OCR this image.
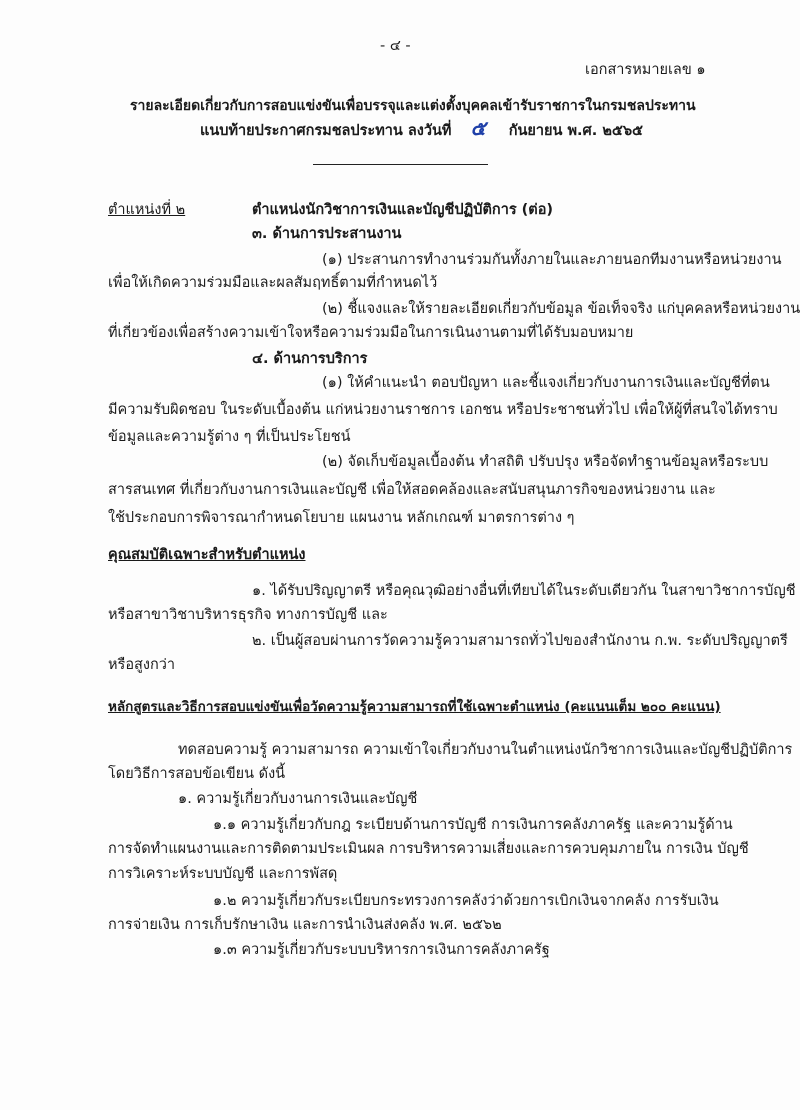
- ๔ -
เอกสารหมายเลข ๑
รายละเอียดเกี่ยวกับการสอบแข่งขันเพื่อบรรจุและแต่งตั้งบุคคลเข้ารับราชการในกรมชลประทาน
แนบท้ายประกาศกรมชลประทาน ลงวันที่ ๕ กันยายน พ.ศ. ๒๕๖๕
ตำแหน่งที่ ๒	ตำแหน่งนักวิชาการเงินและบัญชีปฏิบัติการ (ต่อ)
๓. ด้านการประสานงาน
(๑) ประสานการทำงานร่วมกันทั้งภายในและภายนอกทีมงานหรือหน่วยงาน
เพื่อให้เกิดความร่วมมือและผลสัมฤทธิ์ตามที่กำหนดไว้
(๒) ชี้แจงและให้รายละเอียดเกี่ยวกับข้อมูล ข้อเท็จจริง แก่บุคคลหรือหน่วยงาน
ที่เกี่ยวข้องเพื่อสร้างความเข้าใจหรือความร่วมมือในการเนินงานตามที่ได้รับมอบหมาย
๔. ด้านการบริการ
(๑) ให้คำแนะนำ ตอบปัญหา และชี้แจงเกี่ยวกับงานการเงินและบัญชีที่ตน
มีความรับผิดชอบ ในระดับเบื้องต้น แก่หน่วยงานราชการ เอกชน หรือประชาชนทั่วไป เพื่อให้ผู้ที่สนใจได้ทราบ
ข้อมูลและความรู้ต่าง ๆ ที่เป็นประโยชน์
(๒) จัดเก็บข้อมูลเบื้องต้น ทำสถิติ ปรับปรุง หรือจัดทำฐานข้อมูลหรือระบบ
สารสนเทศ ที่เกี่ยวกับงานการเงินและบัญชี เพื่อให้สอดคล้องและสนับสนุนภารกิจของหน่วยงาน และ
ใช้ประกอบการพิจารณากำหนดโยบาย แผนงาน หลักเกณฑ์ มาตรการต่าง ๆ
คุณสมบัติเฉพาะสำหรับตำแหน่ง
๑. ได้รับปริญญาตรี หรือคุณวุฒิอย่างอื่นที่เทียบได้ในระดับเดียวกัน ในสาขาวิชาการบัญชี
หรือสาขาวิชาบริหารธุรกิจ ทางการบัญชี และ
๒. เป็นผู้สอบผ่านการวัดความรู้ความสามารถทั่วไปของสำนักงาน ก.พ. ระดับปริญญาตรี
หรือสูงกว่า
หลักสูตรและวิธีการสอบแข่งขันเพื่อวัดความรู้ความสามารถที่ใช้เฉพาะตำแหน่ง (คะแนนเต็ม ๒๐๐ คะแนน)
ทดสอบความรู้ ความสามารถ ความเข้าใจเกี่ยวกับงานในตำแหน่งนักวิชาการเงินและบัญชีปฏิบัติการ
โดยวิธีการสอบข้อเขียน ดังนี้
๑. ความรู้เกี่ยวกับงานการเงินและบัญชี
๑.๑ ความรู้เกี่ยวกับกฎ ระเบียบด้านการบัญชี การเงินการคลังภาครัฐ และความรู้ด้าน
การจัดทำแผนงานและการติดตามประเมินผล การบริหารความเสี่ยงและการควบคุมภายใน การเงิน บัญชี
การวิเคราะห์ระบบบัญชี และการพัสดุ
๑.๒ ความรู้เกี่ยวกับระเบียบกระทรวงการคลังว่าด้วยการเบิกเงินจากคลัง การรับเงิน
การจ่ายเงิน การเก็บรักษาเงิน และการนำเงินส่งคลัง พ.ศ. ๒๕๖๒
๑.๓ ความรู้เกี่ยวกับระบบบริหารการเงินการคลังภาครัฐ
